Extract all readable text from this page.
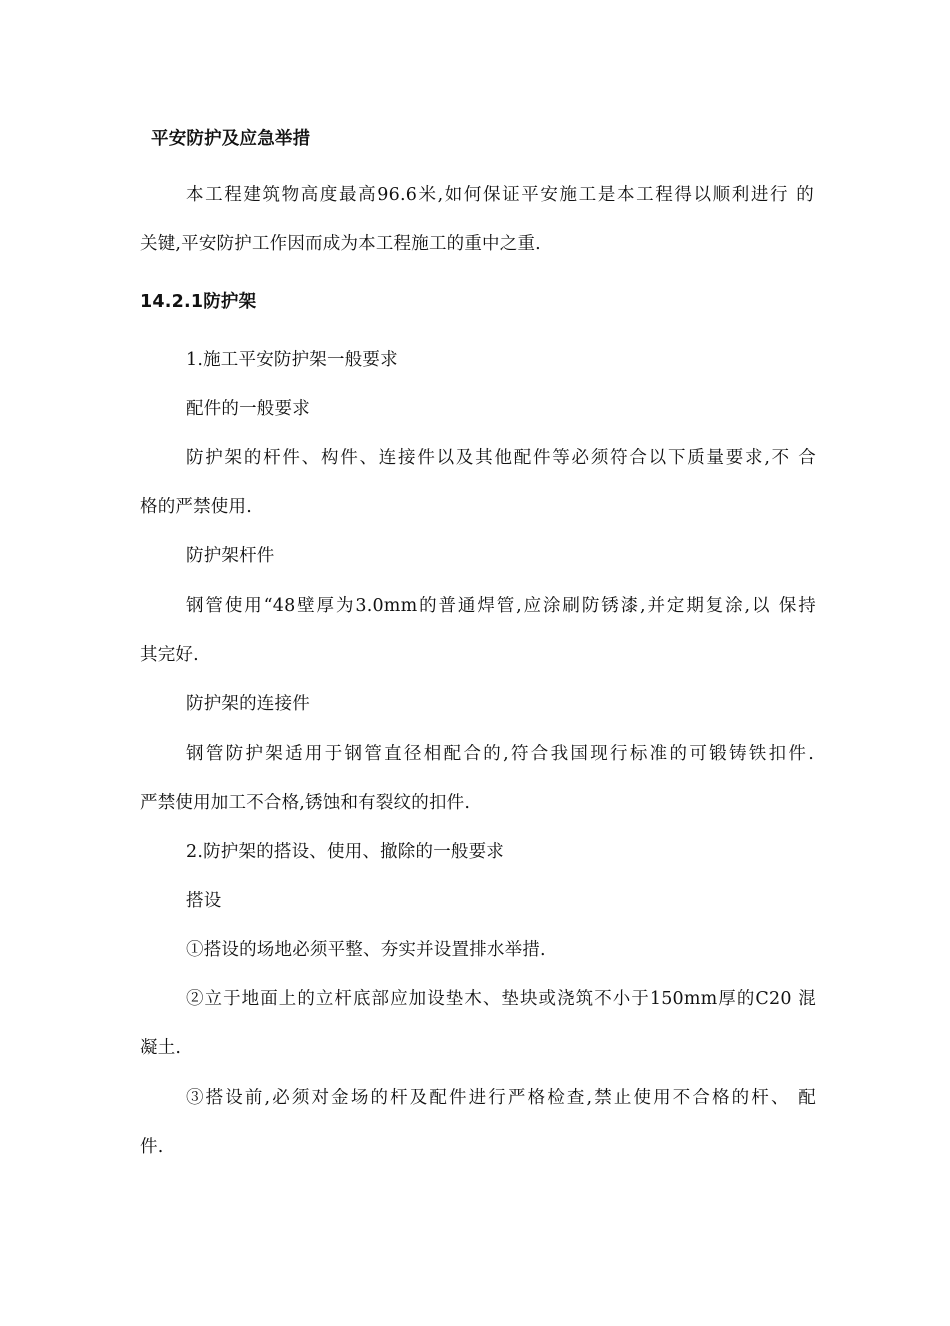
平安防护及应急举措
本工程建筑物高度最高96.6米,如何保证平安施工是本工程得以顺利进行 的
关键,平安防护工作因而成为本工程施工的重中之重.
14.2.1防护架
1.施工平安防护架一般要求
配件的一般要求
防护架的杆件、构件、连接件以及其他配件等必须符合以下质量要求,不 合
格的严禁使用.
防护架杆件
钢管使用“48壁厚为3.0mm的普通焊管,应涂刷防锈漆,并定期复涂,以 保持
其完好.
防护架的连接件
钢管防护架适用于钢管直径相配合的,符合我国现行标准的可锻铸铁扣件.
严禁使用加工不合格,锈蚀和有裂纹的扣件.
2.防护架的搭设、使用、撤除的一般要求
搭设
①搭设的场地必须平整、夯实并设置排水举措.
②立于地面上的立杆底部应加设垫木、垫块或浇筑不小于150mm厚的C20 混
凝土.
③搭设前,必须对金场的杆及配件进行严格检查,禁止使用不合格的杆、 配
件.
